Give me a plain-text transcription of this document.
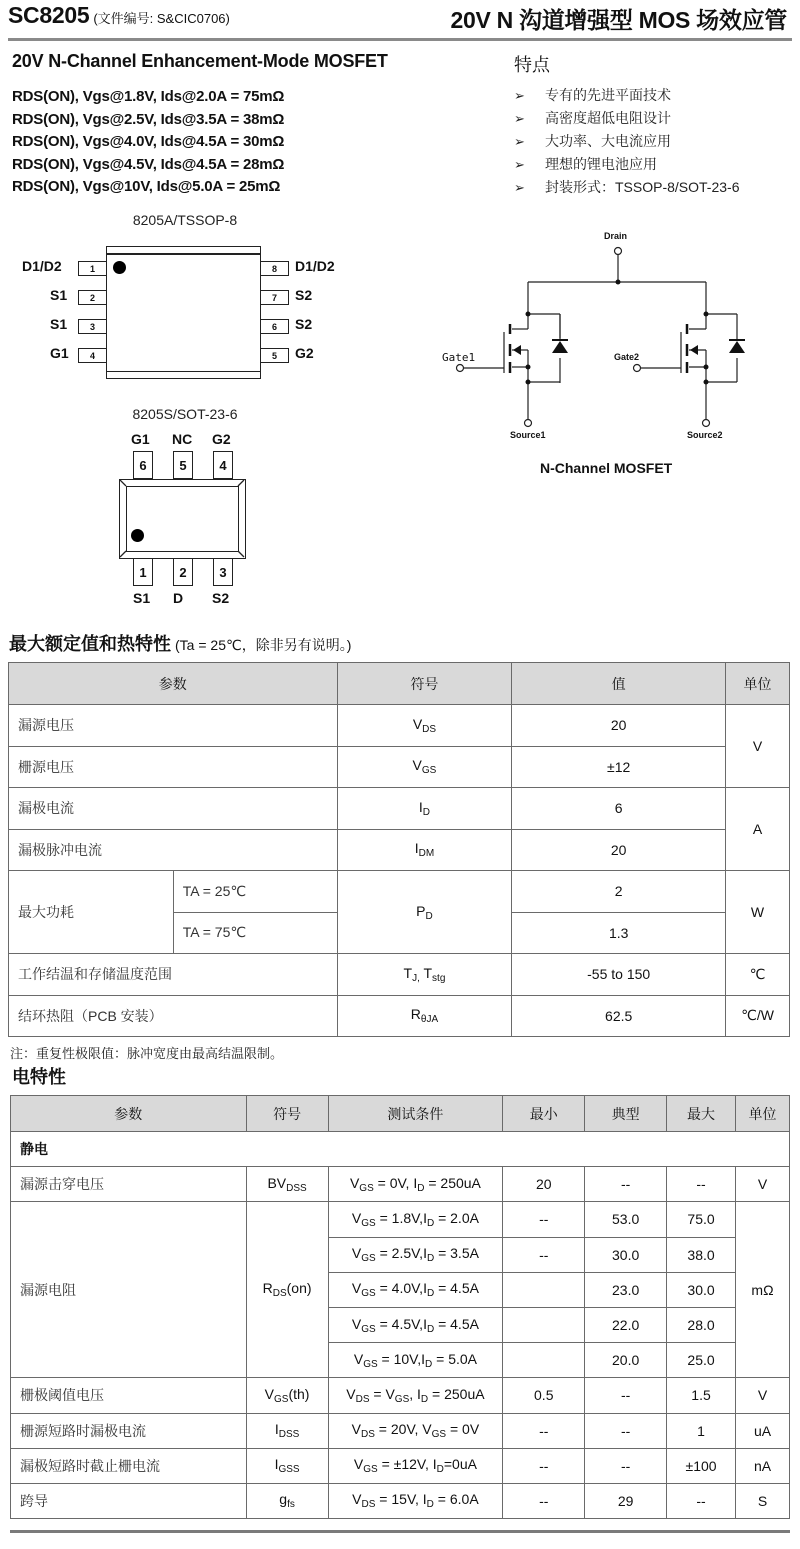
SC8205 (文件编号: S&CIC0706)	20V N 沟道增强型 MOS 场效应管
20V N-Channel Enhancement-Mode MOSFET
RDS(ON), Vgs@1.8V, Ids@2.0A = 75mΩ
RDS(ON), Vgs@2.5V, Ids@3.5A = 38mΩ
RDS(ON), Vgs@4.0V, Ids@4.5A = 30mΩ
RDS(ON), Vgs@4.5V, Ids@4.5A = 28mΩ
RDS(ON), Vgs@10V, Ids@5.0A = 25mΩ
特点
➢ 专有的先进平面技术
➢ 高密度超低电阻设计
➢ 大功率、大电流应用
➢ 理想的锂电池应用
➢ 封装形式：TSSOP-8/SOT-23-6
8205A/TSSOP-8
D1/D2	1
S1	2
S1	3
G1	4
8	D1/D2
7	S2
6	S2
5	G2
8205S/SOT-23-6
G1 NC G2
6	5	4
1	2	3
S1 D S2
Drain
Gate1	Gate2
Source1	Source2
N-Channel MOSFET
最大额定值和热特性 (Ta = 25℃，除非另有说明。)
参数		符号	值	单位
漏源电压		$V_{DS}$	20	V
栅源电压		$V_{GS}$	±12	
漏极电流		$I_D$	6	A
漏极脉冲电流		$I_{DM}$	20	
最大功耗	TA = 25℃	$P_D$	2	W
	TA = 75℃		1.3	
工作结温和存储温度范围		$T_{J,}$ $T_{stg}$	-55 to 150	℃
结环热阻（PCB 安装）		$R_{\theta JA}$	62.5	℃/W
注：重复性极限值：脉冲宽度由最高结温限制。
电特性
参数	符号	测试条件	最小	典型	最大	单位
静电						
漏源击穿电压	$BV_{DSS}$	$V_{GS} = 0V$, $I_D = 250uA$	20	--	--	V
漏源电阻	$R_{DS}(on)$	$V_{GS} = 1.8V,I_D = 2.0A$	--	53.0	75.0	mΩ
		$V_{GS} = 2.5V,I_D = 3.5A$	--	30.0	38.0	
		$V_{GS} = 4.0V,I_D = 4.5A$		23.0	30.0	
		$V_{GS} = 4.5V,I_D = 4.5A$		22.0	28.0	
		$V_{GS} = 10V,I_D = 5.0A$		20.0	25.0	
栅极阈值电压	$V_{GS}(th)$	$V_{DS} = V_{GS}$, $I_D = 250uA$	0.5	--	1.5	V
栅源短路时漏极电流	$I_{DSS}$	$V_{DS} = 20V$, $V_{GS} = 0V$	--	--	1	uA
漏极短路时截止栅电流	$I_{GSS}$	$V_{GS} = \pm 12V$, $I_D=0uA$	--	--	±100	nA
跨导	$g_{fs}$	$V_{DS} = 15V$, $I_D = 6.0A$	--	29	--	S
